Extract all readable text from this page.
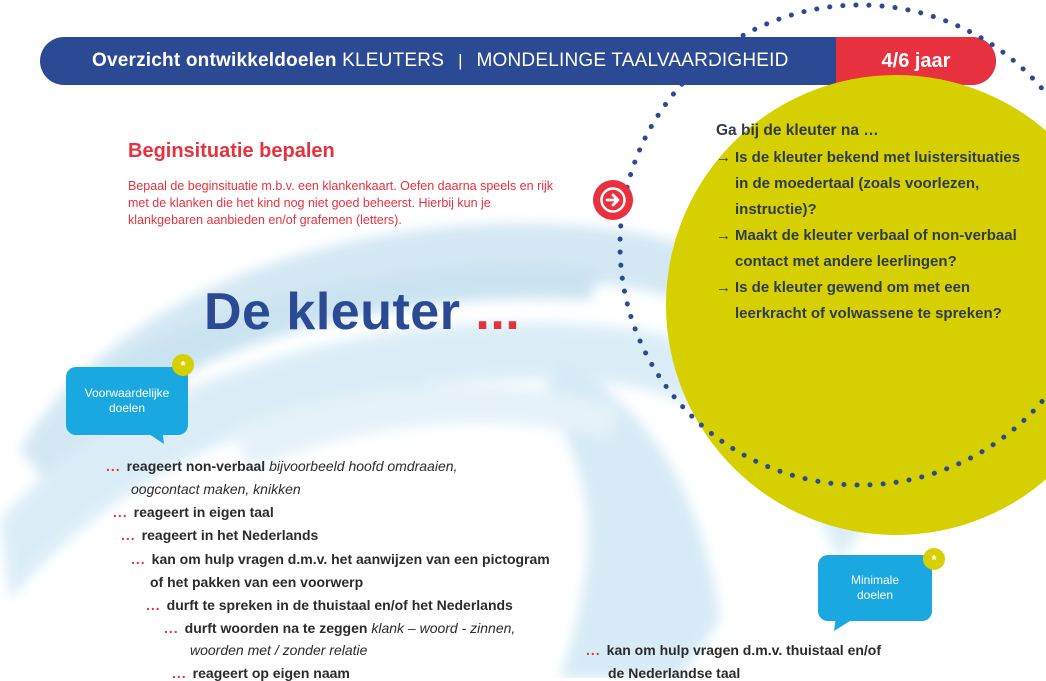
Overzicht ontwikkeldoelen KLEUTERS | MONDELINGE TAALVAARDIGHEID	4/6 jaar
Ga bij de kleuter na …
→ Is de kleuter bekend met luistersituaties in de moedertaal (zoals voorlezen, instructie)?
→ Maakt de kleuter verbaal of non-verbaal contact met andere leerlingen?
→ Is de kleuter gewend om met een leerkracht of volwassene te spreken?
Beginsituatie bepalen
Bepaal de beginsituatie m.b.v. een klankenkaart. Oefen daarna speels en rijk met de klanken die het kind nog niet goed beheerst. Hierbij kun je klankgebaren aanbieden en/of grafemen (letters).
De kleuter ...
Voorwaardelijke doelen
*
Minimale doelen
*
... reageert non-verbaal bijvoorbeeld hoofd omdraaien,
oogcontact maken, knikken
... reageert in eigen taal
... reageert in het Nederlands
... kan om hulp vragen d.m.v. het aanwijzen van een pictogram
of het pakken van een voorwerp
... durft te spreken in de thuistaal en/of het Nederlands
... durft woorden na te zeggen klank – woord - zinnen,
woorden met / zonder relatie
... reageert op eigen naam
... kan om hulp vragen d.m.v. thuistaal en/of
de Nederlandse taal
